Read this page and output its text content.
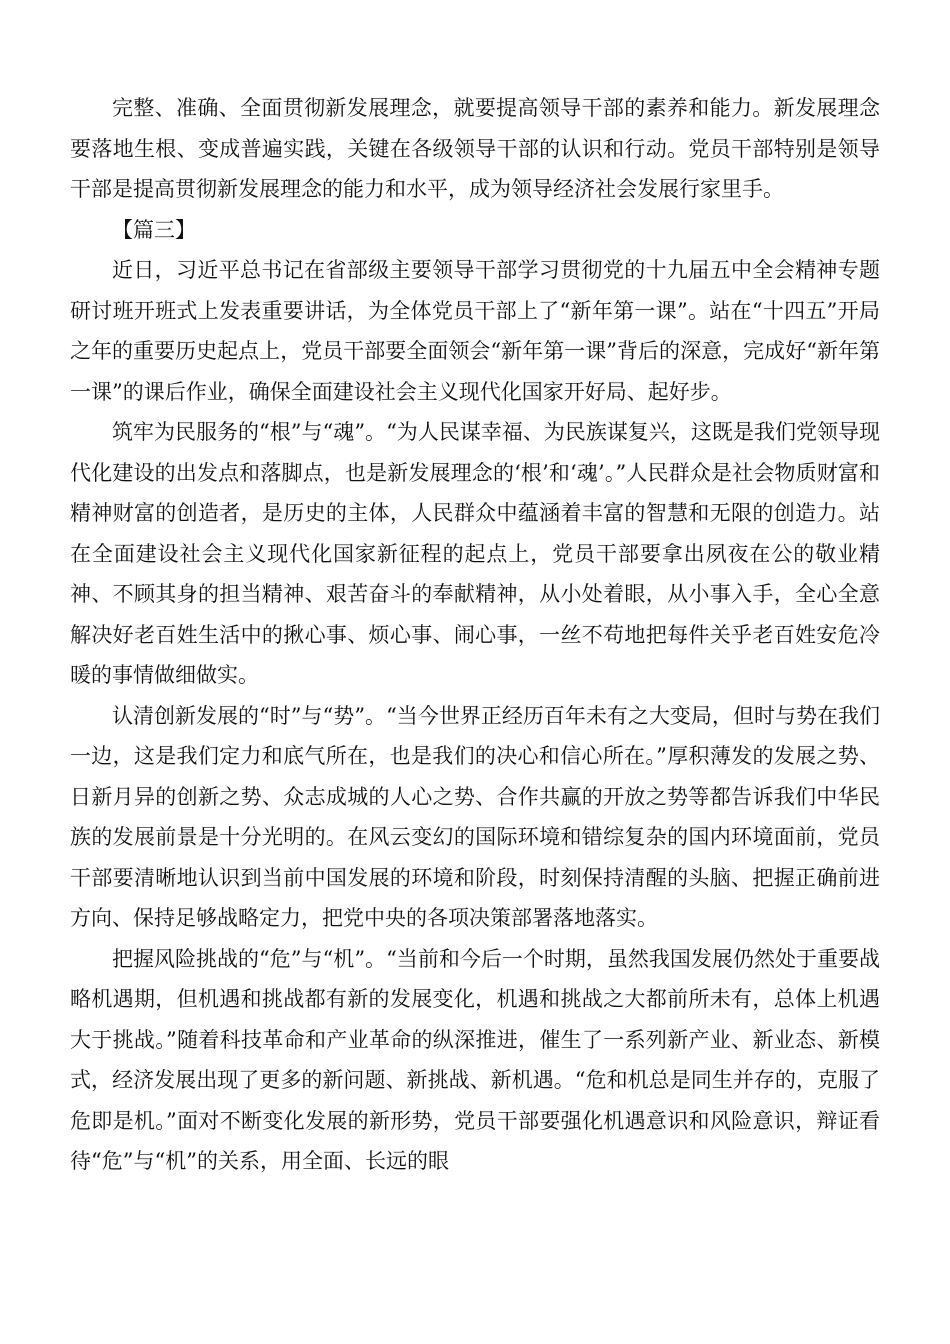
完整、准确、全面贯彻新发展理念，就要提高领导干部的素养和能力。新发展理念要落地生根、变成普遍实践，关键在各级领导干部的认识和行动。党员干部特别是领导干部是提高贯彻新发展理念的能力和水平，成为领导经济社会发展行家里手。

【篇三】

近日，习近平总书记在省部级主要领导干部学习贯彻党的十九届五中全会精神专题研讨班开班式上发表重要讲话，为全体党员干部上了“新年第一课”。站在“十四五”开局之年的重要历史起点上，党员干部要全面领会“新年第一课”背后的深意，完成好“新年第一课”的课后作业，确保全面建设社会主义现代化国家开好局、起好步。

筑牢为民服务的“根”与“魂”。“为人民谋幸福、为民族谋复兴，这既是我们党领导现代化建设的出发点和落脚点，也是新发展理念的‘根’和‘魂’。”人民群众是社会物质财富和精神财富的创造者，是历史的主体，人民群众中蕴涵着丰富的智慧和无限的创造力。站在全面建设社会主义现代化国家新征程的起点上，党员干部要拿出夙夜在公的敬业精神、不顾其身的担当精神、艰苦奋斗的奉献精神，从小处着眼，从小事入手，全心全意解决好老百姓生活中的揪心事、烦心事、闹心事，一丝不苟地把每件关乎老百姓安危冷暖的事情做细做实。

认清创新发展的“时”与“势”。“当今世界正经历百年未有之大变局，但时与势在我们一边，这是我们定力和底气所在，也是我们的决心和信心所在。”厚积薄发的发展之势、日新月异的创新之势、众志成城的人心之势、合作共赢的开放之势等都告诉我们中华民族的发展前景是十分光明的。在风云变幻的国际环境和错综复杂的国内环境面前，党员干部要清晰地认识到当前中国发展的环境和阶段，时刻保持清醒的头脑、把握正确前进方向、保持足够战略定力，把党中央的各项决策部署落地落实。

把握风险挑战的“危”与“机”。“当前和今后一个时期，虽然我国发展仍然处于重要战略机遇期，但机遇和挑战都有新的发展变化，机遇和挑战之大都前所未有，总体上机遇大于挑战。”随着科技革命和产业革命的纵深推进，催生了一系列新产业、新业态、新模式，经济发展出现了更多的新问题、新挑战、新机遇。“危和机总是同生并存的，克服了危即是机。”面对不断变化发展的新形势，党员干部要强化机遇意识和风险意识，辩证看待“危”与“机”的关系，用全面、长远的眼
